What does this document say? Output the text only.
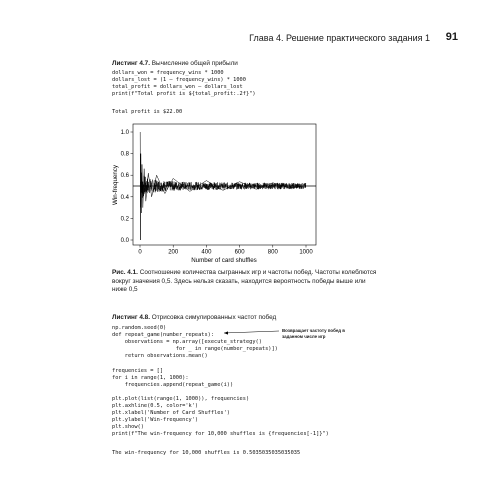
Глава 4. Решение практического задания 1 91
Листинг 4.7. Вычисление общей прибыли
dollars_won = frequency_wins * 1000
dollars_lost = (1 – frequency_wins) * 1000
total_profit = dollars_won – dollars_lost
print(f"Total profit is ${total_profit:.2f}")
Total profit is $22.00
0	200	400	600	800	1000
0.0
0.2
0.4
0.6
0.8
1.0
Number of card shuffles
Win-frequency
Рис. 4.1. Соотношение количества сыгранных игр и частоты побед. Частоты колеблются вокруг значения 0,5. Здесь нельзя сказать, находится вероятность победы выше или ниже 0,5
Листинг 4.8. Отрисовка симулированных частот побед
np.random.seed(0)
def repeat_game(number_repeats):
observations = np.array([execute_strategy()
for _ in range(number_repeats)])
return observations.mean()

frequencies = []
for i in range(1, 1000):
frequencies.append(repeat_game(i))

plt.plot(list(range(1, 1000)), frequencies)
plt.axhline(0.5, color='k')
plt.xlabel('Number of Card Shuffles')
plt.ylabel('Win-frequency')
plt.show()
print(f"The win-frequency for 10,000 shuffles is {frequencies[-1]}")
The win-frequency for 10,000 shuffles is 0.5035035035035035
Возвращает частоту побед в заданном числе игр
